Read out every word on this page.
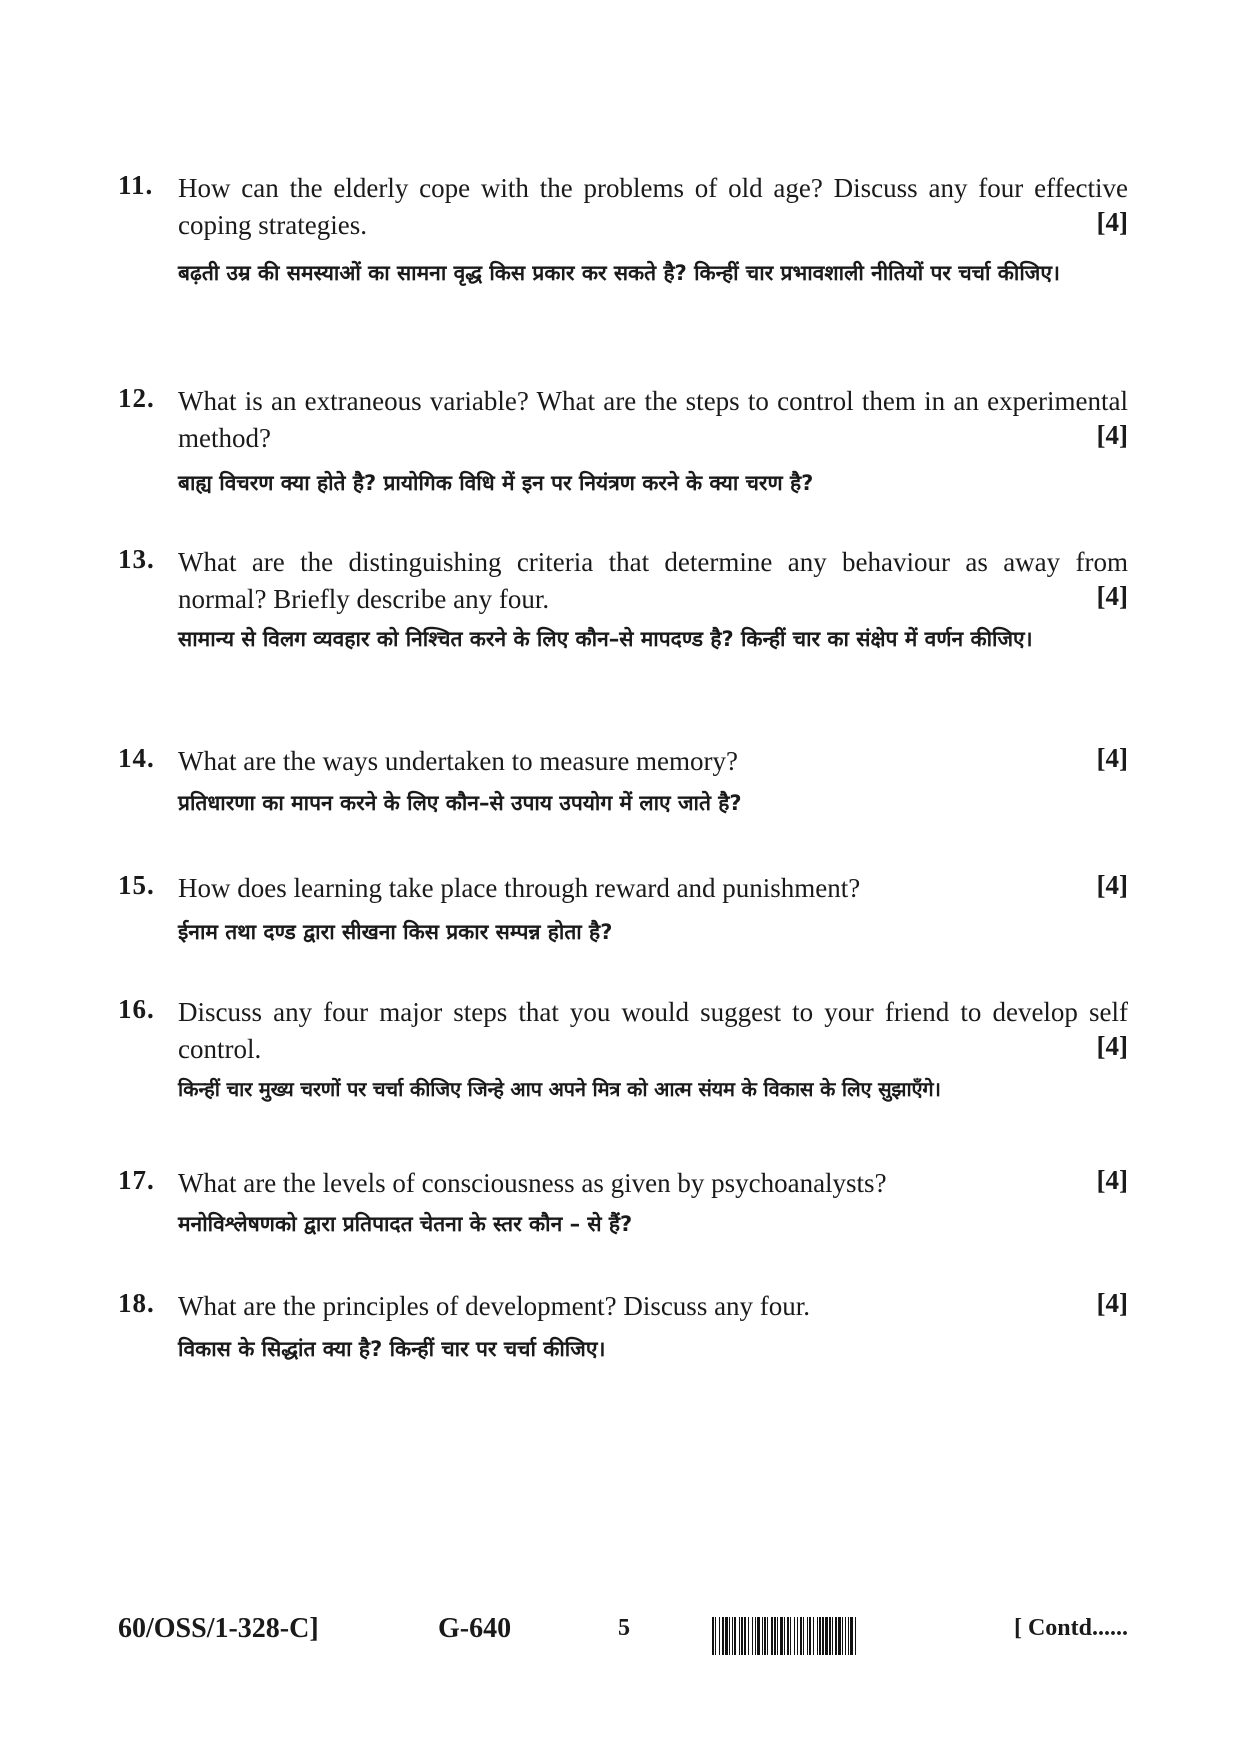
11. How can the elderly cope with the problems of old age? Discuss any four effective coping strategies.	[4]
बढ़ती उम्र की समस्याओं का सामना वृद्ध किस प्रकार कर सकते है? किन्हीं चार प्रभावशाली नीतियों पर चर्चा कीजिए।
12. What is an extraneous variable? What are the steps to control them in an experimental method?	[4]
बाह्य विचरण क्या होते है? प्रायोगिक विधि में इन पर नियंत्रण करने के क्या चरण है?
13. What are the distinguishing criteria that determine any behaviour as away from normal? Briefly describe any four.	[4]
सामान्य से विलग व्यवहार को निश्चित करने के लिए कौन–से मापदण्ड है? किन्हीं चार का संक्षेप में वर्णन कीजिए।
14. What are the ways undertaken to measure memory?	[4]
प्रतिधारणा का मापन करने के लिए कौन–से उपाय उपयोग में लाए जाते है?
15. How does learning take place through reward and punishment?	[4]
ईनाम तथा दण्ड द्वारा सीखना किस प्रकार सम्पन्न होता है?
16. Discuss any four major steps that you would suggest to your friend to develop self control.	[4]
किन्हीं चार मुख्य चरणों पर चर्चा कीजिए जिन्हे आप अपने मित्र को आत्म संयम के विकास के लिए सुझाएँगे।
17. What are the levels of consciousness as given by psychoanalysts?	[4]
मनोविश्लेषणको द्वारा प्रतिपादत चेतना के स्तर कौन – से हैं?
18. What are the principles of development? Discuss any four.	[4]
विकास के सिद्धांत क्या है? किन्हीं चार पर चर्चा कीजिए।
60/OSS/1-328-C]	G-640	5	[ Contd......
